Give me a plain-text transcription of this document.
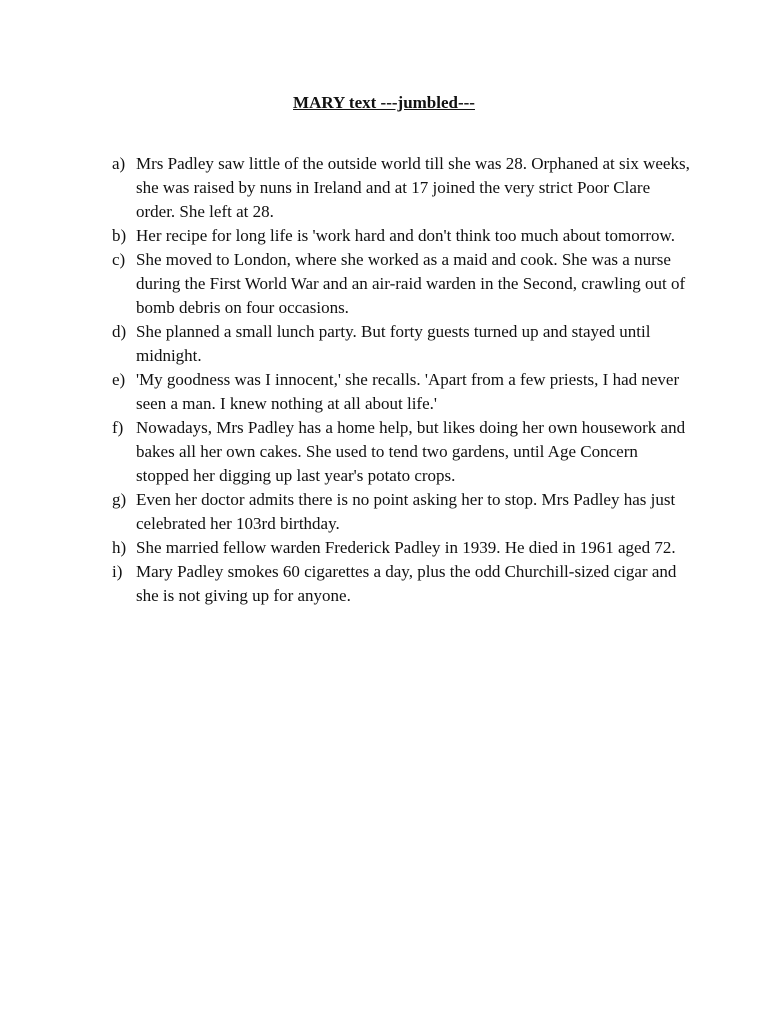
MARY text ---jumbled---
a) Mrs Padley saw little of the outside world till she was 28. Orphaned at six weeks, she was raised by nuns in Ireland and at 17 joined the very strict Poor Clare order. She left at 28.
b) Her recipe for long life is 'work hard and don't think too much about tomorrow.
c) She moved to London, where she worked as a maid and cook. She was a nurse during the First World War and an air-raid warden in the Second, crawling out of bomb debris on four occasions.
d) She planned a small lunch party. But forty guests turned up and stayed until midnight.
e) 'My goodness was I innocent,' she recalls. 'Apart from a few priests, I had never seen a man. I knew nothing at all about life.'
f) Nowadays, Mrs Padley has a home help, but likes doing her own housework and bakes all her own cakes. She used to tend two gardens, until Age Concern stopped her digging up last year's potato crops.
g) Even her doctor admits there is no point asking her to stop. Mrs Padley has just celebrated her 103rd birthday.
h) She married fellow warden Frederick Padley in 1939. He died in 1961 aged 72.
i) Mary Padley smokes 60 cigarettes a day, plus the odd Churchill-sized cigar and she is not giving up for anyone.
